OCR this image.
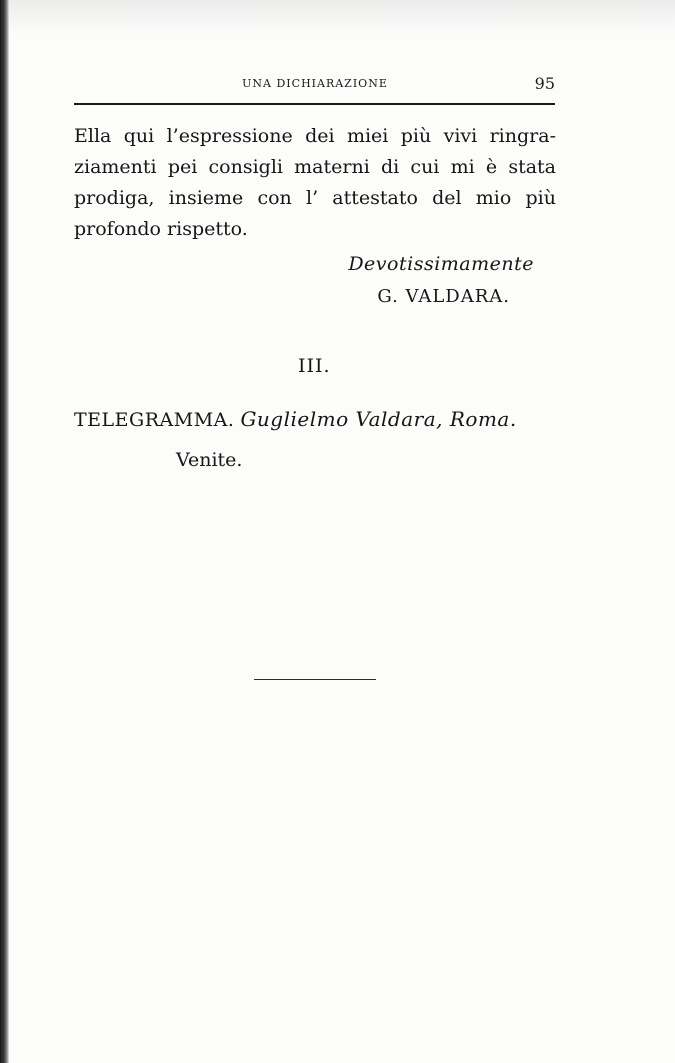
UNA DICHIARAZIONE	95
Ella qui l’espressione dei miei più vivi ringra-
ziamenti pei consigli materni di cui mi è stata
prodiga, insieme con l’ attestato del mio più
profondo rispetto.
Devotissimamente
G. VALDARA.
III.
TELEGRAMMA. Guglielmo Valdara, Roma.
Venite.
